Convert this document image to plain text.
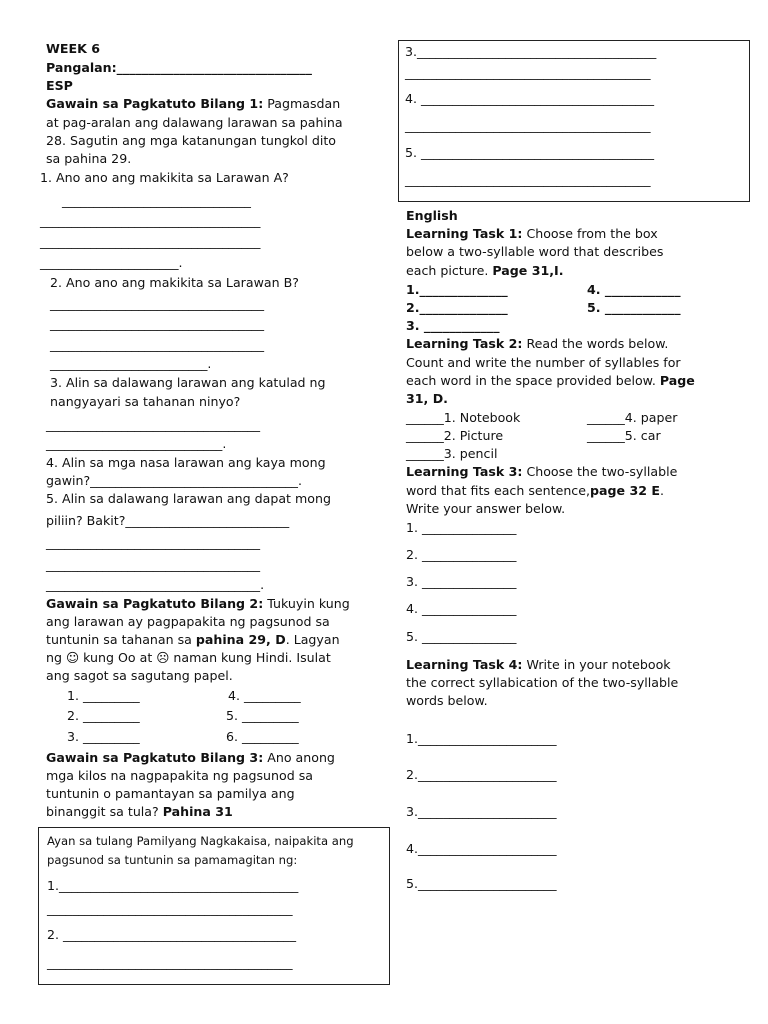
WEEK 6
Pangalan:_______________________________
ESP
Gawain sa Pagkatuto Bilang 1: Pagmasdan
at pag-aralan ang dalawang larawan sa pahina
28. Sagutin ang mga katanungan tungkol dito
sa pahina 29.
1. Ano ano ang makikita sa Larawan A?
______________________________
___________________________________
___________________________________
______________________.
2. Ano ano ang makikita sa Larawan B?
__________________________________
__________________________________
__________________________________
_________________________.
3. Alin sa dalawang larawan ang katulad ng
nangyayari sa tahanan ninyo?
__________________________________
____________________________.
4. Alin sa mga nasa larawan ang kaya mong
gawin?_________________________________.
5. Alin sa dalawang larawan ang dapat mong
piliin? Bakit?__________________________
__________________________________
__________________________________
__________________________________.
Gawain sa Pagkatuto Bilang 2: Tukuyin kung
ang larawan ay pagpapakita ng pagsunod sa
tuntunin sa tahanan sa pahina 29, D. Lagyan
ng ☺ kung Oo at ☹ naman kung Hindi. Isulat
ang sagot sa sagutang papel.
1. _________
2. _________
3. _________
4. _________
5. _________
6. _________
Gawain sa Pagkatuto Bilang 3: Ano anong
mga kilos na nagpapakita ng pagsunod sa
tuntunin o pamantayan sa pamilya ang
binanggit sa tula? Pahina 31
Ayan sa tulang Pamilyang Nagkakaisa, naipakita ang
pagsunod sa tuntunin sa pamamagitan ng:
1.______________________________________
_______________________________________
2. _____________________________________
_______________________________________
3.______________________________________
_______________________________________
4. _____________________________________
_______________________________________
5. _____________________________________
_______________________________________
English
Learning Task 1: Choose from the box
below a two-syllable word that describes
each picture. Page 31,I.
1.______________
2.______________
3. ____________
4. ____________
5. ____________
Learning Task 2: Read the words below.
Count and write the number of syllables for
each word in the space provided below. Page
31, D.
______1. Notebook
______2. Picture
______3. pencil
______4. paper
______5. car
Learning Task 3: Choose the two-syllable
word that fits each sentence,page 32 E.
Write your answer below.
1. _______________
2. _______________
3. _______________
4. _______________
5. _______________
Learning Task 4: Write in your notebook
the correct syllabication of the two-syllable
words below.
1.______________________
2.______________________
3.______________________
4.______________________
5.______________________
